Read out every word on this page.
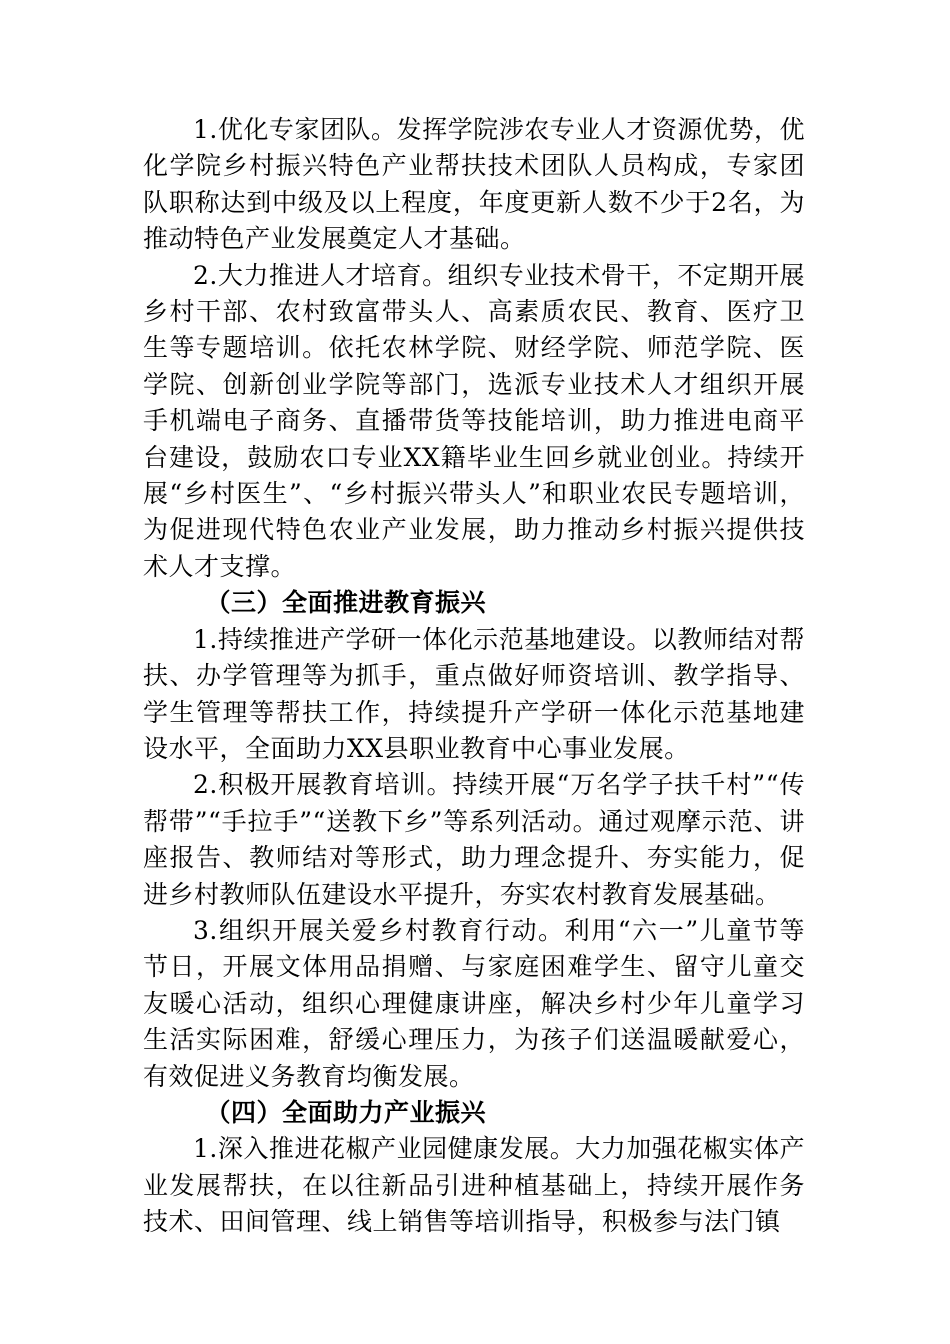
1.优化专家团队。发挥学院涉农专业人才资源优势，优化学院乡村振兴特色产业帮扶技术团队人员构成，专家团队职称达到中级及以上程度，年度更新人数不少于2名，为推动特色产业发展奠定人才基础。

2.大力推进人才培育。组织专业技术骨干，不定期开展乡村干部、农村致富带头人、高素质农民、教育、医疗卫生等专题培训。依托农林学院、财经学院、师范学院、医学院、创新创业学院等部门，选派专业技术人才组织开展手机端电子商务、直播带货等技能培训，助力推进电商平台建设，鼓励农口专业XX籍毕业生回乡就业创业。持续开展“乡村医生”、“乡村振兴带头人”和职业农民专题培训，为促进现代特色农业产业发展，助力推动乡村振兴提供技术人才支撑。

（三）全面推进教育振兴

1.持续推进产学研一体化示范基地建设。以教师结对帮扶、办学管理等为抓手，重点做好师资培训、教学指导、学生管理等帮扶工作，持续提升产学研一体化示范基地建设水平，全面助力XX县职业教育中心事业发展。

2.积极开展教育培训。持续开展“万名学子扶千村”“传帮带”“手拉手”“送教下乡”等系列活动。通过观摩示范、讲座报告、教师结对等形式，助力理念提升、夯实能力，促进乡村教师队伍建设水平提升，夯实农村教育发展基础。

3.组织开展关爱乡村教育行动。利用“六一”儿童节等节日，开展文体用品捐赠、与家庭困难学生、留守儿童交友暖心活动，组织心理健康讲座，解决乡村少年儿童学习生活实际困难，舒缓心理压力，为孩子们送温暖献爱心，有效促进义务教育均衡发展。

（四）全面助力产业振兴

1.深入推进花椒产业园健康发展。大力加强花椒实体产业发展帮扶，在以往新品引进种植基础上，持续开展作务技术、田间管理、线上销售等培训指导，积极参与法门镇
